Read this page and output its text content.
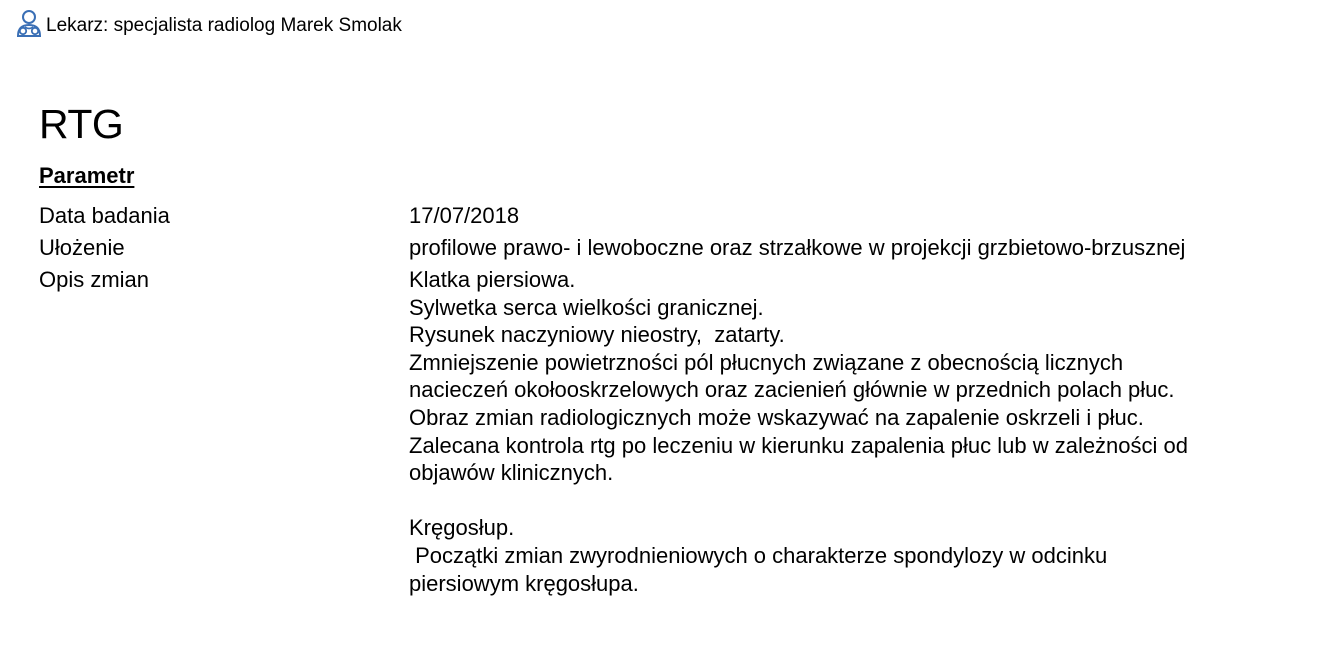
Lekarz: specjalista radiolog Marek Smolak
RTG
Parametr
Data badania	17/07/2018
Ułożenie	profilowe prawo- i lewoboczne oraz strzałkowe w projekcji grzbietowo-brzusznej
Opis zmian	Klatka piersiowa.
Sylwetka serca wielkości granicznej.
Rysunek naczyniowy nieostry,  zatarty.
Zmniejszenie powietrzności pól płucnych związane z obecnością licznych
nacieczeń okołooskrzelowych oraz zacienień głównie w przednich polach płuc.
Obraz zmian radiologicznych może wskazywać na zapalenie oskrzeli i płuc.
Zalecana kontrola rtg po leczeniu w kierunku zapalenia płuc lub w zależności od
objawów klinicznych.
Kręgosłup.
Początki zmian zwyrodnieniowych o charakterze spondylozy w odcinku
piersiowym kręgosłupa.
